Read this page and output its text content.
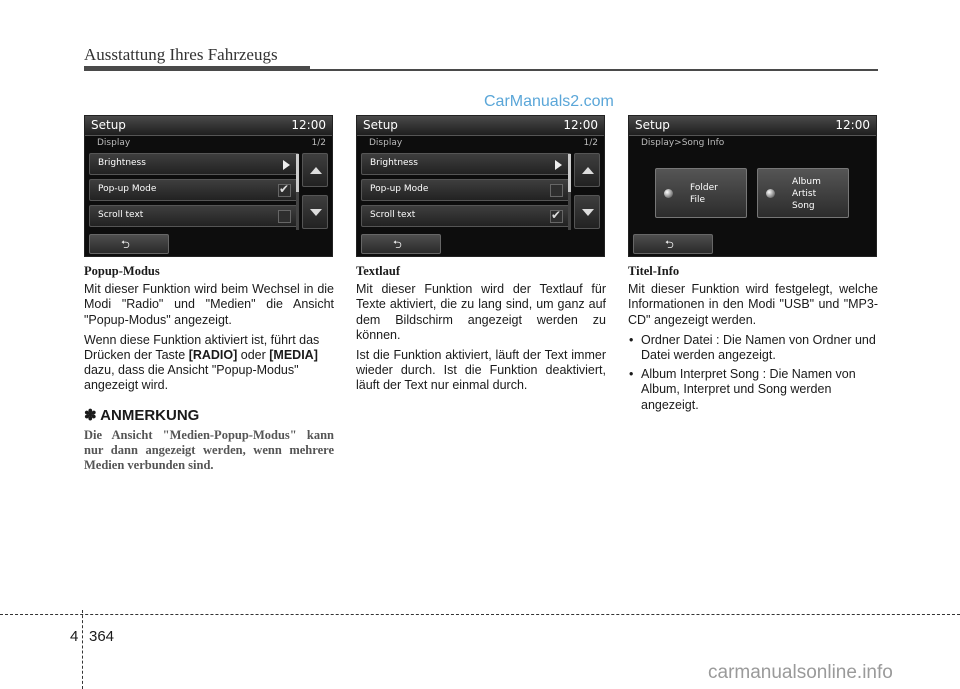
Ausstattung Ihres Fahrzeugs
CarManuals2.com
Setup	12:00
Display	1/2
Brightness
Pop-up Mode
✔
Scroll text
⮌
Setup	12:00
Display	1/2
Brightness
Pop-up Mode
Scroll text
✔
⮌
Setup	12:00
Display>Song Info
Folder
File
Album
Artist
Song
⮌
Popup-Modus

Mit dieser Funktion wird beim Wechsel in die Modi "Radio" und "Medien" die Ansicht "Popup-Modus" angezeigt.

Wenn diese Funktion aktiviert ist, führt das Drücken der Taste [RADIO] oder [MEDIA] dazu, dass die Ansicht "Popup-Modus" angezeigt wird.

✽ ANMERKUNG
Die Ansicht "Medien-Popup-Modus" kann nur dann angezeigt werden, wenn mehrere Medien verbunden sind.
Textlauf

Mit dieser Funktion wird der Textlauf für Texte aktiviert, die zu lang sind, um ganz auf dem Bildschirm angezeigt werden zu können.

Ist die Funktion aktiviert, läuft der Text immer wieder durch. Ist die Funktion deaktiviert, läuft der Text nur einmal durch.

Titel-Info

Mit dieser Funktion wird festgelegt, welche Informationen in den Modi "USB" und "MP3-CD" angezeigt werden.

• Ordner Datei : Die Namen von Ordner und Datei werden angezeigt.
• Album Interpret Song : Die Namen von Album, Interpret und Song werden angezeigt.
4 364
carmanualsonline.info
